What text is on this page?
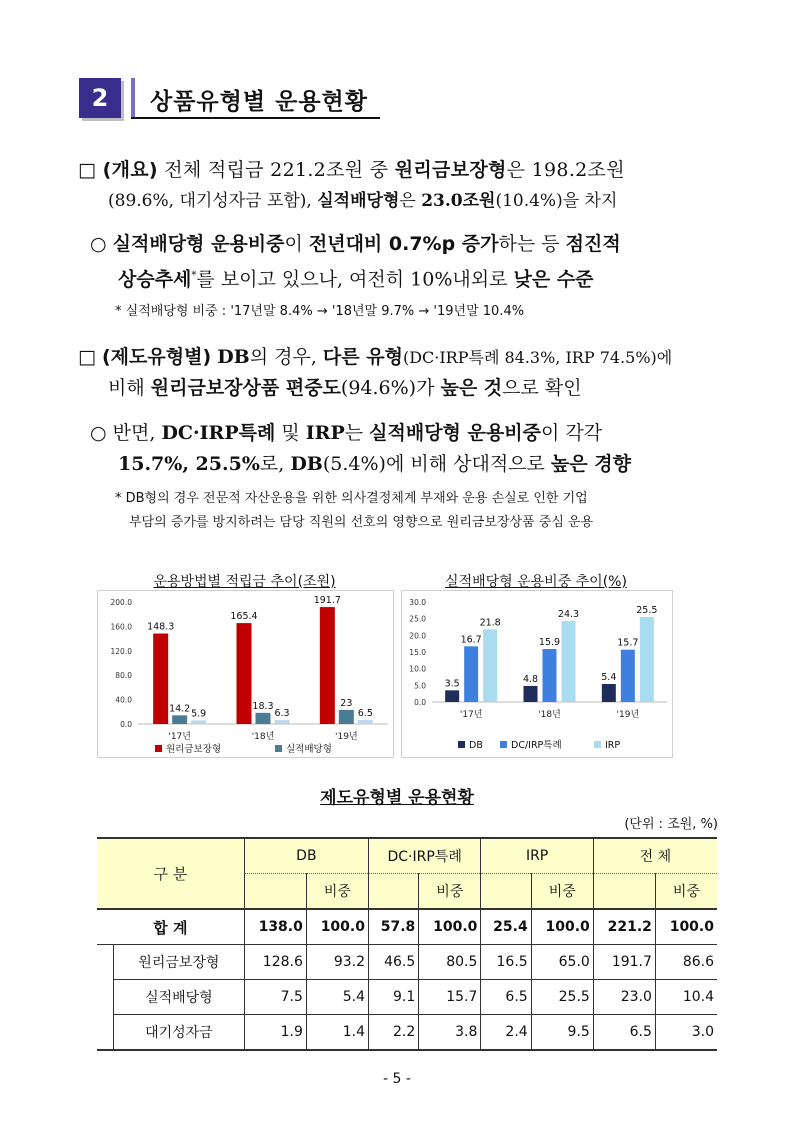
2	상품유형별 운용현황
□ (개요) 전체 적립금 221.2조원 중 원리금보장형은 198.2조원
(89.6%, 대기성자금 포함), 실적배당형은 23.0조원(10.4%)을 차지
○ 실적배당형 운용비중이 전년대비 0.7%p 증가하는 등 점진적
상승추세*를 보이고 있으나, 여전히 10%내외로 낮은 수준
* 실적배당형 비중 : '17년말 8.4% → '18년말 9.7% → '19년말 10.4%
□ (제도유형별) DB의 경우, 다른 유형(DC·IRP특례 84.3%, IRP 74.5%)에
비해 원리금보장상품 편중도(94.6%)가 높은 것으로 확인
○ 반면, DC·IRP특례 및 IRP는 실적배당형 운용비중이 각각
15.7%, 25.5%로, DB(5.4%)에 비해 상대적으로 높은 경향
* DB형의 경우 전문적 자산운용을 위한 의사결정체계 부재와 운용 손실로 인한 기업
부담의 증가를 방지하려는 담당 직원의 선호의 영향으로 원리금보장상품 중심 운용
운용방법별 적립금 추이(조원)	실적배당형 운용비중 추이(%)
0.0
40.0
80.0
120.0
160.0
200.0
'17년
148.3
14.2 5.9
'18년
165.4
18.3
6.3
'19년
191.7
23
6.5
원리금보장형	실적배당형
0.0
5.0
10.0
15.0
20.0
25.0
30.0
'17년
3.5
16.7
21.8
'18년
4.8
15.9
24.3
'19년
5.4
15.7
25.5
DB	DC/IRP특례	IRP
제도유형별 운용현황
(단위 : 조원, %)
구 분		DB		DC·IRP특례		IRP		전 체	
			비중		비중		비중		비중
합 계		138.0	100.0	57.8	100.0	25.4	100.0	221.2	100.0
	원리금보장형	128.6	93.2	46.5	80.5	16.5	65.0	191.7	86.6
	실적배당형	7.5	5.4	9.1	15.7	6.5	25.5	23.0	10.4
	대기성자금	1.9	1.4	2.2	3.8	2.4	9.5	6.5	3.0
- 5 -
